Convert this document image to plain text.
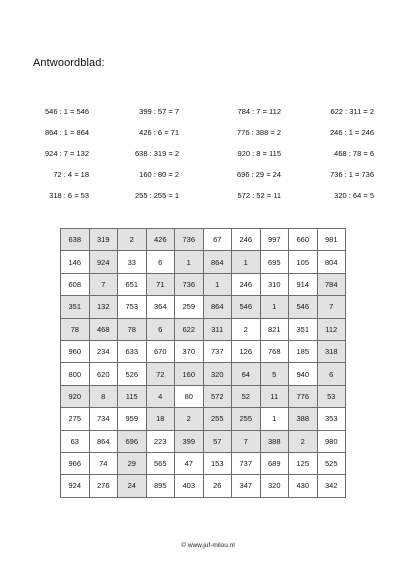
Antwoordblad:
546 : 1 = 546	399 : 57 = 7	784 : 7 = 112	622 : 311 = 2
864 : 1 = 864	426 : 6 = 71	776 : 388 = 2	246 : 1 = 246
924 : 7 = 132	638 : 319 = 2	920 : 8 = 115	468 : 78 = 6
72 : 4 = 18	160 : 80 = 2	696 : 29 = 24	736 : 1 = 736
318 : 6 = 53	255 : 255 = 1	572 : 52 = 11	320 : 64 = 5
638	319	2	426	736	67	246	997	660	981
146	924	33	6	1	864	1	695	105	804
608	7	651	71	736	1	246	310	914	784
351	132	753	364	259	864	546	1	546	7
78	468	78	6	622	311	2	821	351	112
960	234	633	670	370	737	126	768	185	318
800	620	526	72	160	320	64	5	940	6
920	8	115	4	80	572	52	11	776	53
275	734	959	18	2	255	255	1	388	353
63	864	696	223	399	57	7	388	2	980
966	74	29	565	47	153	737	689	125	525
924	276	24	895	403	26	347	320	430	342
© www.juf-milou.nl
